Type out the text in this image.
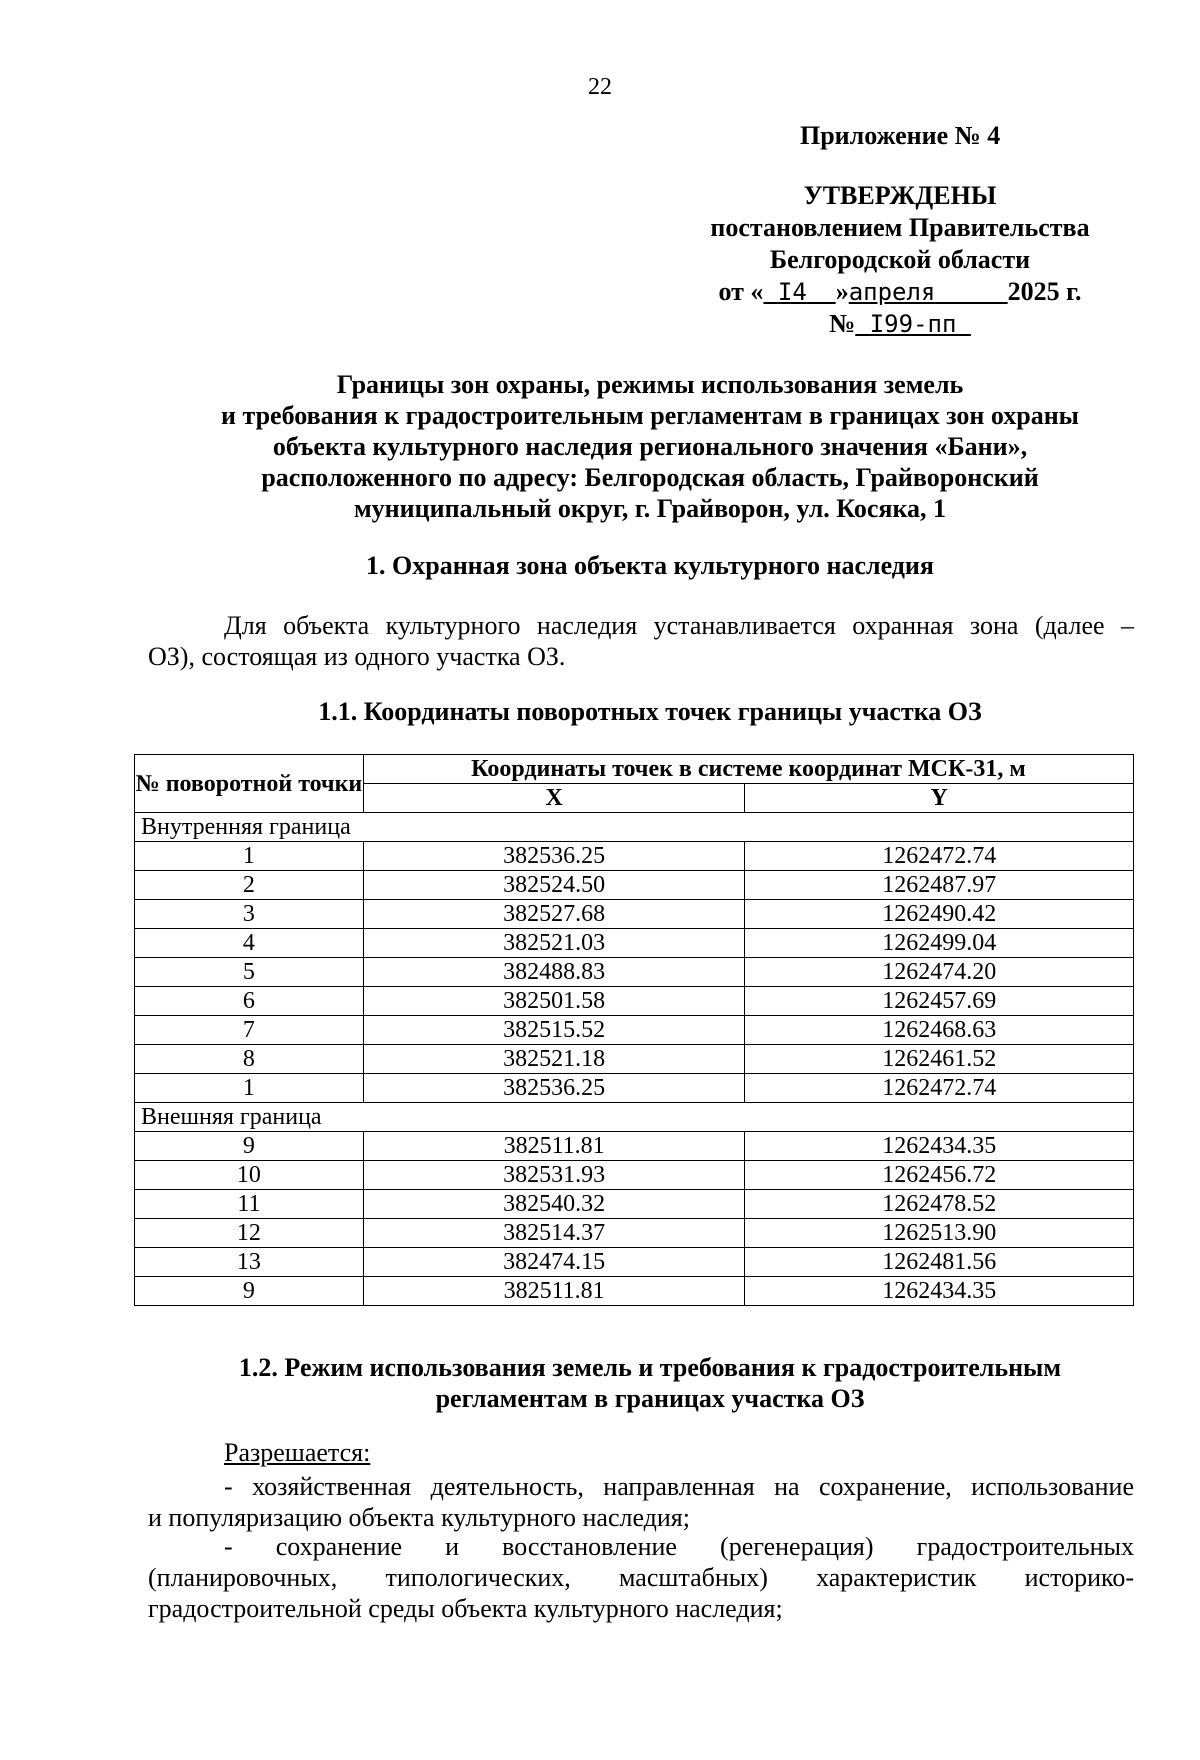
22
Приложение № 4
УТВЕРЖДЕНЫ
постановлением Правительства
Белгородской области
от « I4 »апреля	2025 г.
№ I99-пп
Границы зон охраны, режимы использования земель
и требования к градостроительным регламентам в границах зон охраны
объекта культурного наследия регионального значения «Бани»,
расположенного по адресу: Белгородская область, Грайворонский
муниципальный округ, г. Грайворон, ул. Косяка, 1
1. Охранная зона объекта культурного наследия
Для объекта культурного наследия устанавливается охранная зона (далее –
ОЗ), состоящая из одного участка ОЗ.
1.1. Координаты поворотных точек границы участка ОЗ
№ поворотной точки	Координаты точек в системе координат МСК-31, м	
	X	Y
Внутренняя граница		
1	382536.25	1262472.74
2	382524.50	1262487.97
3	382527.68	1262490.42
4	382521.03	1262499.04
5	382488.83	1262474.20
6	382501.58	1262457.69
7	382515.52	1262468.63
8	382521.18	1262461.52
1	382536.25	1262472.74
Внешняя граница		
9	382511.81	1262434.35
10	382531.93	1262456.72
11	382540.32	1262478.52
12	382514.37	1262513.90
13	382474.15	1262481.56
9	382511.81	1262434.35
1.2. Режим использования земель и требования к градостроительным
регламентам в границах участка ОЗ
Разрешается:
- хозяйственная деятельность, направленная на сохранение, использование
и популяризацию объекта культурного наследия;
- сохранение и восстановление (регенерация) градостроительных
(планировочных, типологических, масштабных) характеристик историко-
градостроительной среды объекта культурного наследия;
